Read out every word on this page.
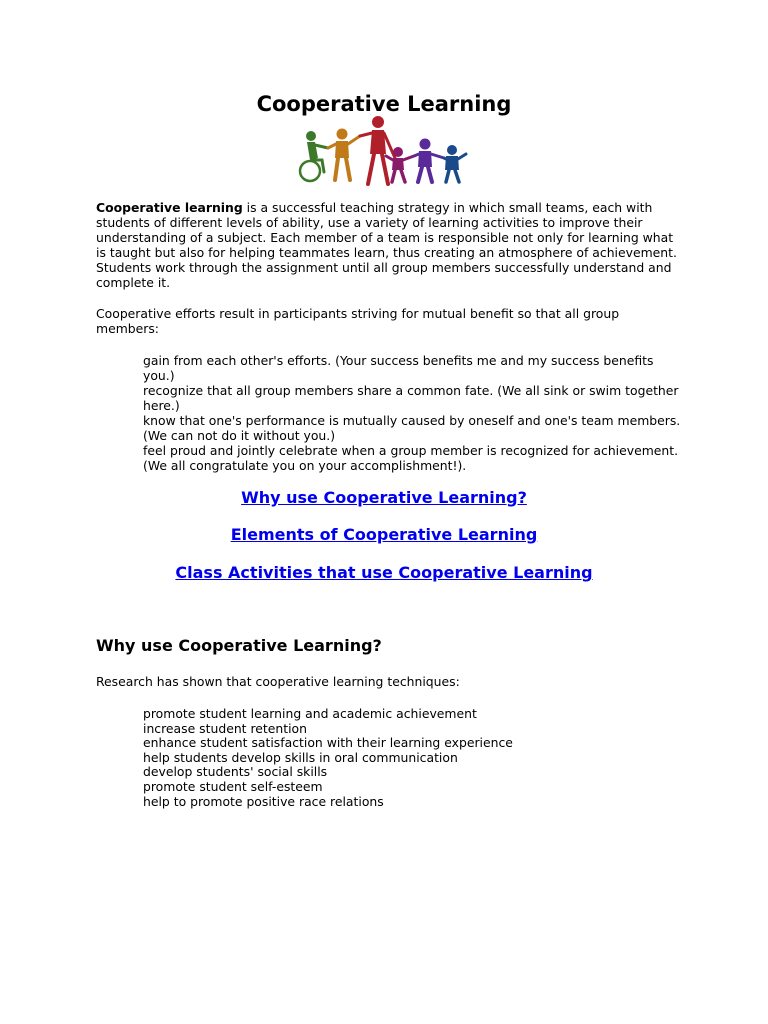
Cooperative Learning

Cooperative learning is a successful teaching strategy in which small teams, each with students of different levels of ability, use a variety of learning activities to improve their understanding of a subject. Each member of a team is responsible not only for learning what is taught but also for helping teammates learn, thus creating an atmosphere of achievement. Students work through the assignment until all group members successfully understand and complete it.

Cooperative efforts result in participants striving for mutual benefit so that all group members:

gain from each other's efforts. (Your success benefits me and my success benefits you.)
recognize that all group members share a common fate. (We all sink or swim together here.)
know that one's performance is mutually caused by oneself and one's team members. (We can not do it without you.)
feel proud and jointly celebrate when a group member is recognized for achievement. (We all congratulate you on your accomplishment!).
Why use Cooperative Learning?
Elements of Cooperative Learning
Class Activities that use Cooperative Learning
Why use Cooperative Learning?

Research has shown that cooperative learning techniques:

promote student learning and academic achievement
increase student retention
enhance student satisfaction with their learning experience
help students develop skills in oral communication
develop students' social skills
promote student self-esteem
help to promote positive race relations
